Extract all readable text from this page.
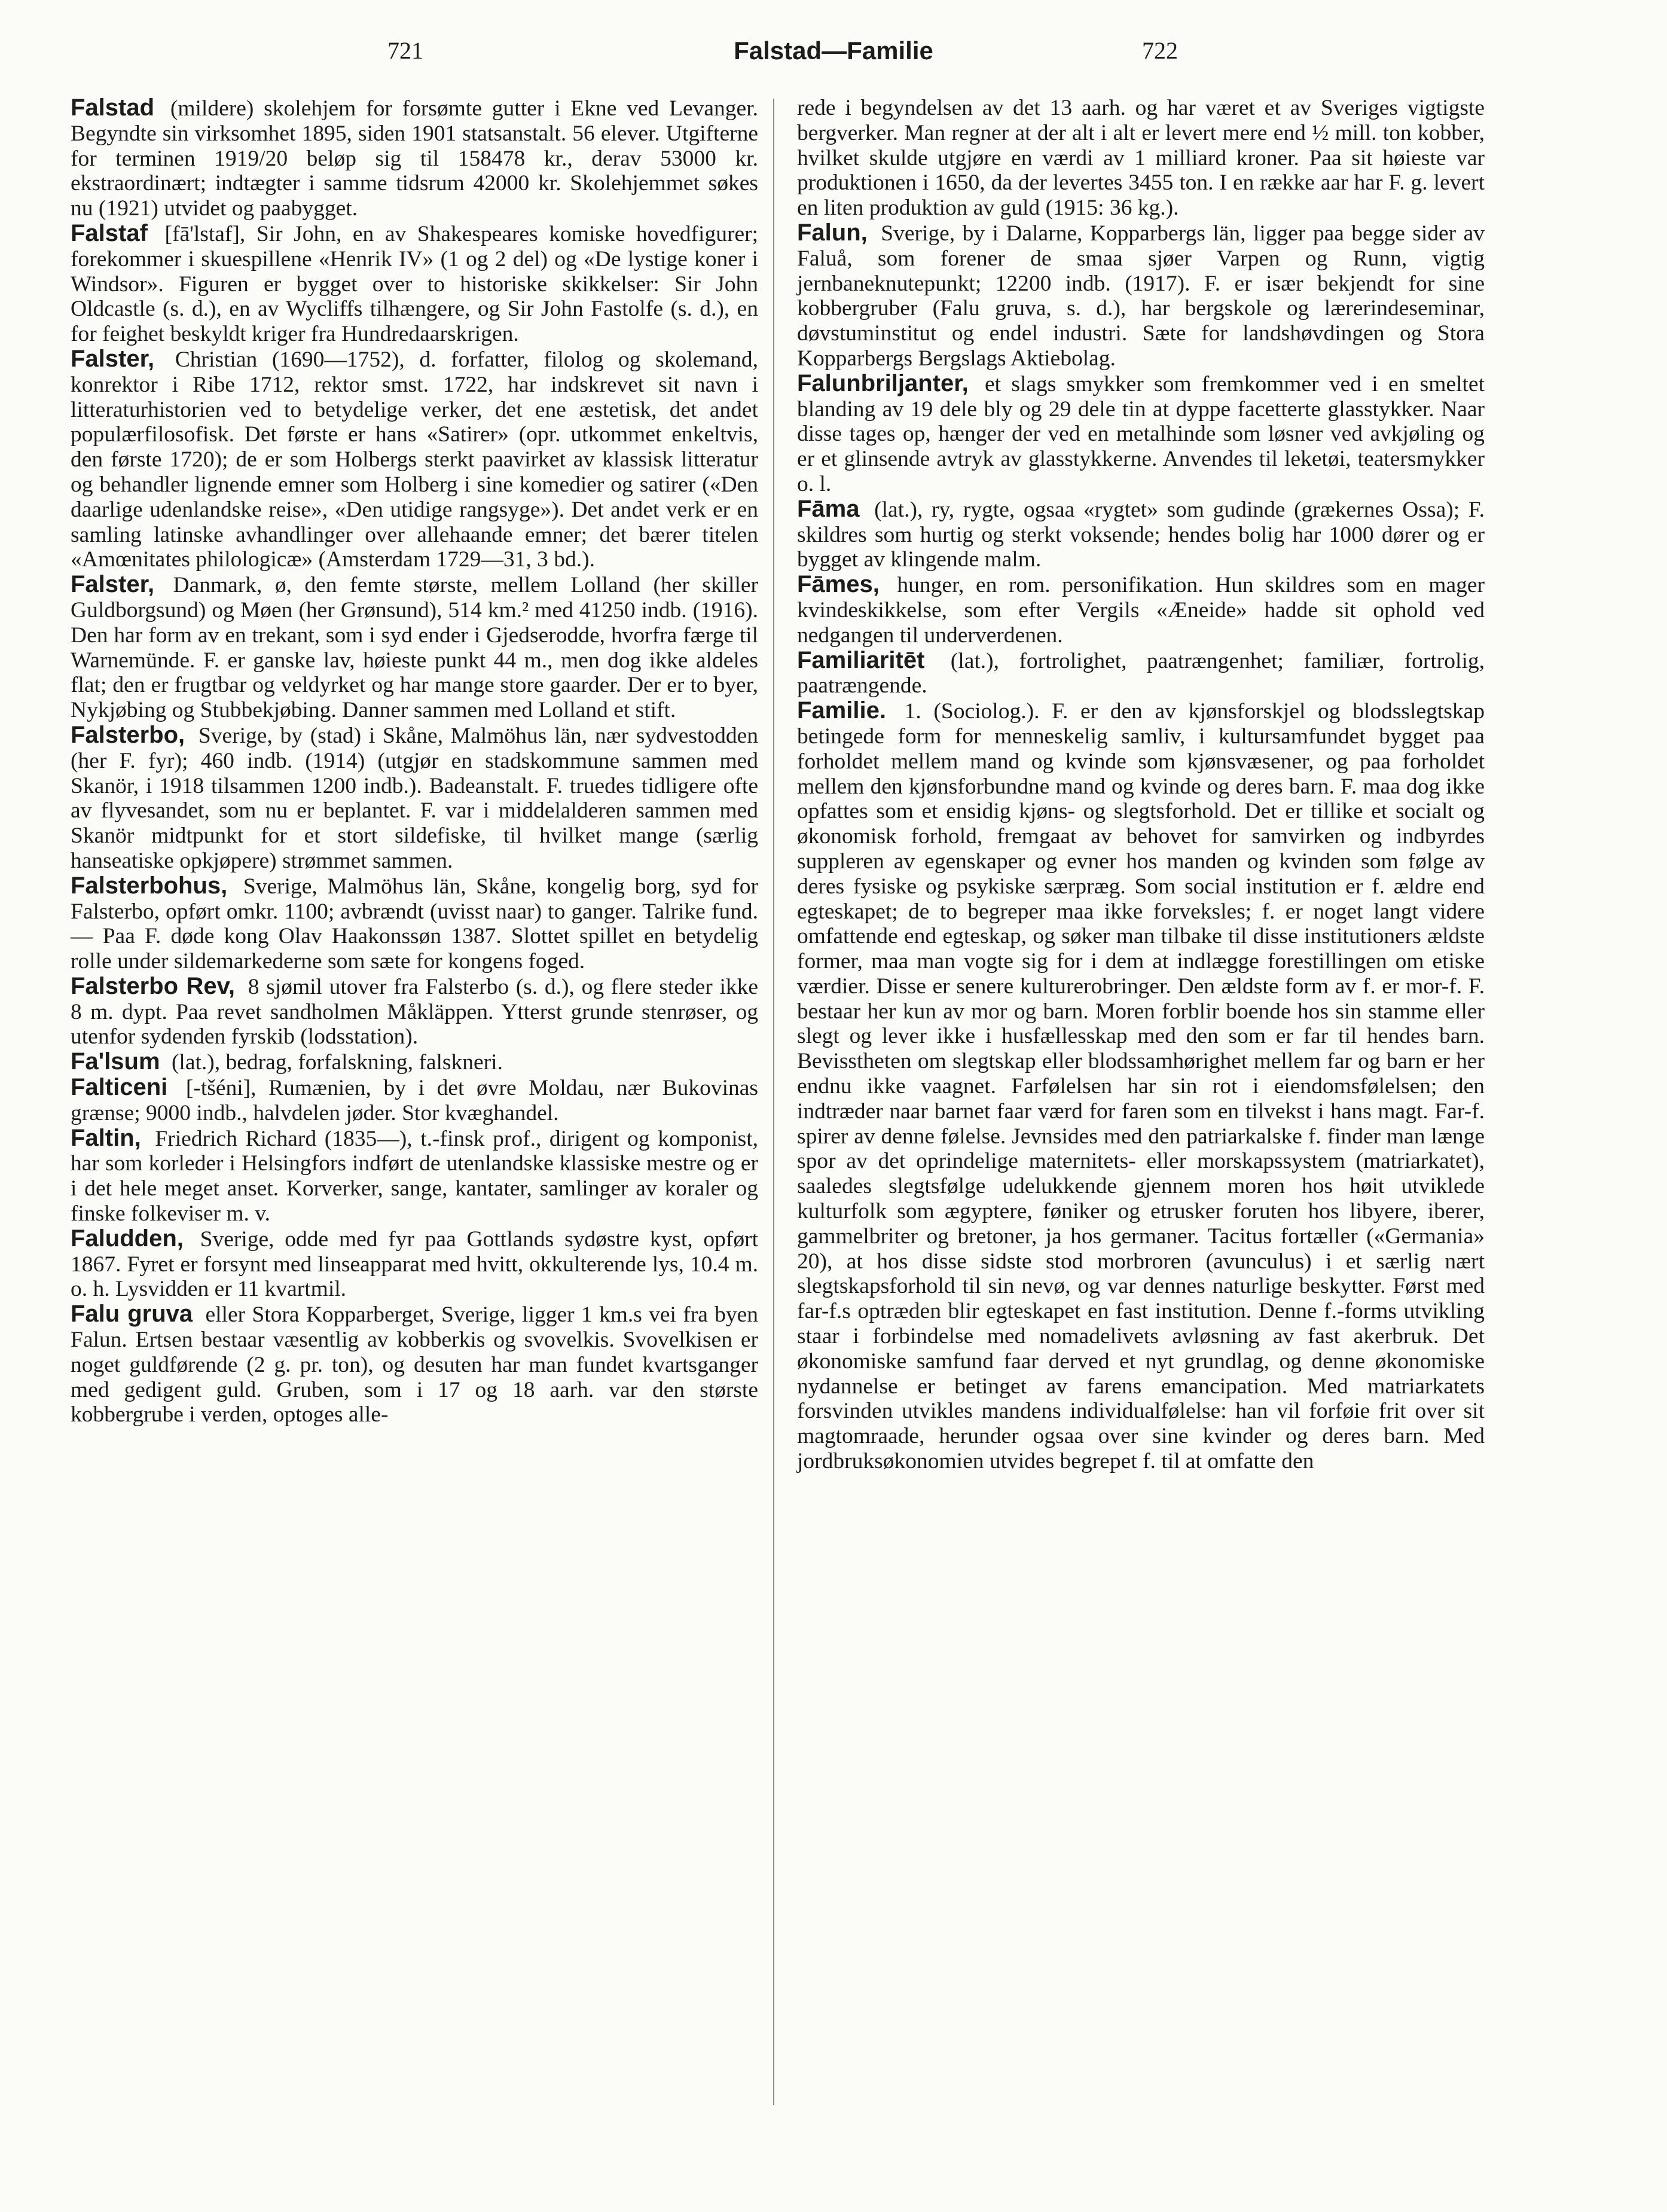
721	Falstad—Familie	722

Falstad (mildere) skolehjem for forsømte gutter i Ekne ved Levanger. Begyndte sin virksomhet 1895, siden 1901 statsanstalt. 56 elever. Utgifterne for terminen 1919/20 beløp sig til 158478 kr., derav 53000 kr. ekstraordinært; indtægter i samme tidsrum 42000 kr. Skolehjemmet søkes nu (1921) utvidet og paabygget.

Falstaf [fā'lstaf], Sir John, en av Shakespeares komiske hovedfigurer; forekommer i skuespillene «Henrik IV» (1 og 2 del) og «De lystige koner i Windsor». Figuren er bygget over to historiske skikkelser: Sir John Oldcastle (s. d.), en av Wycliffs tilhængere, og Sir John Fastolfe (s. d.), en for feighet beskyldt kriger fra Hundredaarskrigen.

Falster, Christian (1690—1752), d. forfatter, filolog og skolemand, konrektor i Ribe 1712, rektor smst. 1722, har indskrevet sit navn i litteraturhistorien ved to betydelige verker, det ene æstetisk, det andet populærfilosofisk. Det første er hans «Satirer» (opr. utkommet enkeltvis, den første 1720); de er som Holbergs sterkt paavirket av klassisk litteratur og behandler lignende emner som Holberg i sine komedier og satirer («Den daarlige udenlandske reise», «Den utidige rangsyge»). Det andet verk er en samling latinske avhandlinger over allehaande emner; det bærer titelen «Amœnitates philologicæ» (Amsterdam 1729—31, 3 bd.).

Falster, Danmark, ø, den femte største, mellem Lolland (her skiller Guldborgsund) og Møen (her Grønsund), 514 km.² med 41250 indb. (1916). Den har form av en trekant, som i syd ender i Gjedserodde, hvorfra færge til Warnemünde. F. er ganske lav, høieste punkt 44 m., men dog ikke aldeles flat; den er frugtbar og veldyrket og har mange store gaarder. Der er to byer, Nykjøbing og Stubbekjøbing. Danner sammen med Lolland et stift.

Falsterbo, Sverige, by (stad) i Skåne, Malmöhus län, nær sydvestodden (her F. fyr); 460 indb. (1914) (utgjør en stadskommune sammen med Skanör, i 1918 tilsammen 1200 indb.). Badeanstalt. F. truedes tidligere ofte av flyvesandet, som nu er beplantet. F. var i middelalderen sammen med Skanör midtpunkt for et stort sildefiske, til hvilket mange (særlig hanseatiske opkjøpere) strømmet sammen.

Falsterbohus, Sverige, Malmöhus län, Skåne, kongelig borg, syd for Falsterbo, opført omkr. 1100; avbrændt (uvisst naar) to ganger. Talrike fund. — Paa F. døde kong Olav Haakonssøn 1387. Slottet spillet en betydelig rolle under sildemarkederne som sæte for kongens foged.

Falsterbo Rev, 8 sjømil utover fra Falsterbo (s. d.), og flere steder ikke 8 m. dypt. Paa revet sandholmen Måkläppen. Ytterst grunde stenrøser, og utenfor sydenden fyrskib (lodsstation).

Fa'lsum (lat.), bedrag, forfalskning, falskneri.

Falticeni [-tšéni], Rumænien, by i det øvre Moldau, nær Bukovinas grænse; 9000 indb., halvdelen jøder. Stor kvæghandel.

Faltin, Friedrich Richard (1835—), t.-finsk prof., dirigent og komponist, har som korleder i Helsingfors indført de utenlandske klassiske mestre og er i det hele meget anset. Korverker, sange, kantater, samlinger av koraler og finske folkeviser m. v.

Faludden, Sverige, odde med fyr paa Gottlands sydøstre kyst, opført 1867. Fyret er forsynt med linseapparat med hvitt, okkulterende lys, 10.4 m. o. h. Lysvidden er 11 kvartmil.

Falu gruva eller Stora Kopparberget, Sverige, ligger 1 km.s vei fra byen Falun. Ertsen bestaar væsentlig av kobberkis og svovelkis. Svovelkisen er noget guldførende (2 g. pr. ton), og desuten har man fundet kvartsganger med gedigent guld. Gruben, som i 17 og 18 aarh. var den største kobbergrube i verden, optoges alle-

rede i begyndelsen av det 13 aarh. og har været et av Sveriges vigtigste bergverker. Man regner at der alt i alt er levert mere end ½ mill. ton kobber, hvilket skulde utgjøre en værdi av 1 milliard kroner. Paa sit høieste var produktionen i 1650, da der levertes 3455 ton. I en række aar har F. g. levert en liten produktion av guld (1915: 36 kg.).

Falun, Sverige, by i Dalarne, Kopparbergs län, ligger paa begge sider av Faluå, som forener de smaa sjøer Varpen og Runn, vigtig jernbaneknutepunkt; 12200 indb. (1917). F. er især bekjendt for sine kobbergruber (Falu gruva, s. d.), har bergskole og lærerindeseminar, døvstuminstitut og endel industri. Sæte for landshøvdingen og Stora Kopparbergs Bergslags Aktiebolag.

Falunbriljanter, et slags smykker som fremkommer ved i en smeltet blanding av 19 dele bly og 29 dele tin at dyppe facetterte glasstykker. Naar disse tages op, hænger der ved en metalhinde som løsner ved avkjøling og er et glinsende avtryk av glasstykkerne. Anvendes til leketøi, teatersmykker o. l.

Fāma (lat.), ry, rygte, ogsaa «rygtet» som gudinde (grækernes Ossa); F. skildres som hurtig og sterkt voksende; hendes bolig har 1000 dører og er bygget av klingende malm.

Fāmes, hunger, en rom. personifikation. Hun skildres som en mager kvindeskikkelse, som efter Vergils «Æneide» hadde sit ophold ved nedgangen til underverdenen.

Familiaritēt (lat.), fortrolighet, paatrængenhet; familiær, fortrolig, paatrængende.

Familie. 1. (Sociolog.). F. er den av kjønsforskjel og blodsslegtskap betingede form for menneskelig samliv, i kultursamfundet bygget paa forholdet mellem mand og kvinde som kjønsvæsener, og paa forholdet mellem den kjønsforbundne mand og kvinde og deres barn. F. maa dog ikke opfattes som et ensidig kjøns- og slegtsforhold. Det er tillike et socialt og økonomisk forhold, fremgaat av behovet for samvirken og indbyrdes suppleren av egenskaper og evner hos manden og kvinden som følge av deres fysiske og psykiske særpræg. Som social institution er f. ældre end egteskapet; de to begreper maa ikke forveksles; f. er noget langt videre omfattende end egteskap, og søker man tilbake til disse institutioners ældste former, maa man vogte sig for i dem at indlægge forestillingen om etiske værdier. Disse er senere kulturerobringer. Den ældste form av f. er mor-f. F. bestaar her kun av mor og barn. Moren forblir boende hos sin stamme eller slegt og lever ikke i husfællesskap med den som er far til hendes barn. Bevisstheten om slegtskap eller blodssamhørighet mellem far og barn er her endnu ikke vaagnet. Farfølelsen har sin rot i eiendomsfølelsen; den indtræder naar barnet faar værd for faren som en tilvekst i hans magt. Far-f. spirer av denne følelse. Jevnsides med den patriarkalske f. finder man længe spor av det oprindelige maternitets- eller morskapssystem (matriarkatet), saaledes slegtsfølge udelukkende gjennem moren hos høit utviklede kulturfolk som ægyptere, føniker og etrusker foruten hos libyere, iberer, gammelbriter og bretoner, ja hos germaner. Tacitus fortæller («Germania» 20), at hos disse sidste stod morbroren (avunculus) i et særlig nært slegtskapsforhold til sin nevø, og var dennes naturlige beskytter. Først med far-f.s optræden blir egteskapet en fast institution. Denne f.-forms utvikling staar i forbindelse med nomadelivets avløsning av fast akerbruk. Det økonomiske samfund faar derved et nyt grundlag, og denne økonomiske nydannelse er betinget av farens emancipation. Med matriarkatets forsvinden utvikles mandens individualfølelse: han vil forføie frit over sit magtomraade, herunder ogsaa over sine kvinder og deres barn. Med jordbruksøkonomien utvides begrepet f. til at omfatte den
